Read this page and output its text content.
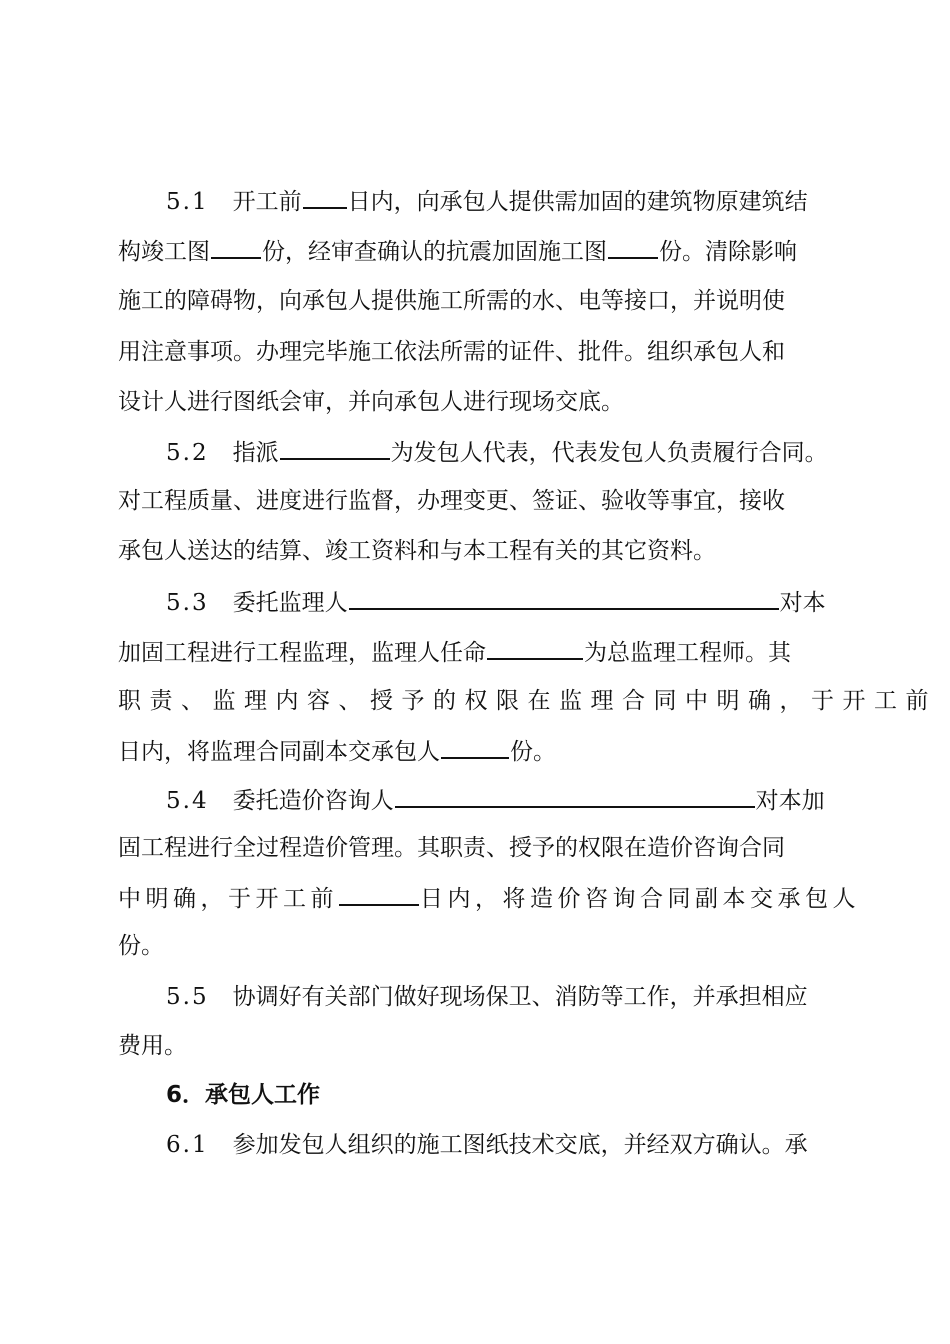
5.1 开工前 日内，向承包人提供需加固的建筑物原建筑结
构竣工图 份，经审查确认的抗震加固施工图 份。清除影响
施工的障碍物，向承包人提供施工所需的水、电等接口，并说明使
用注意事项。办理完毕施工依法所需的证件、批件。组织承包人和
设计人进行图纸会审，并向承包人进行现场交底。
5.2 指派	为发包人代表，代表发包人负责履行合同。
对工程质量、进度进行监督，办理变更、签证、验收等事宜，接收
承包人送达的结算、竣工资料和与本工程有关的其它资料。
5.3 委托监理人	对本
加固工程进行工程监理，监理人任命	为总监理工程师。其
职责、监理内容、授予的权限在监理合同中明确，于开工前
日内，将监理合同副本交承包人	份。
5.4 委托造价咨询人	对本加
固工程进行全过程造价管理。其职责、授予的权限在造价咨询合同
中明确，于开工前	日内，将造价咨询合同副本交承包人
份。
5.5 协调好有关部门做好现场保卫、消防等工作，并承担相应
费用。
6．承包人工作
6.1 参加发包人组织的施工图纸技术交底，并经双方确认。承
